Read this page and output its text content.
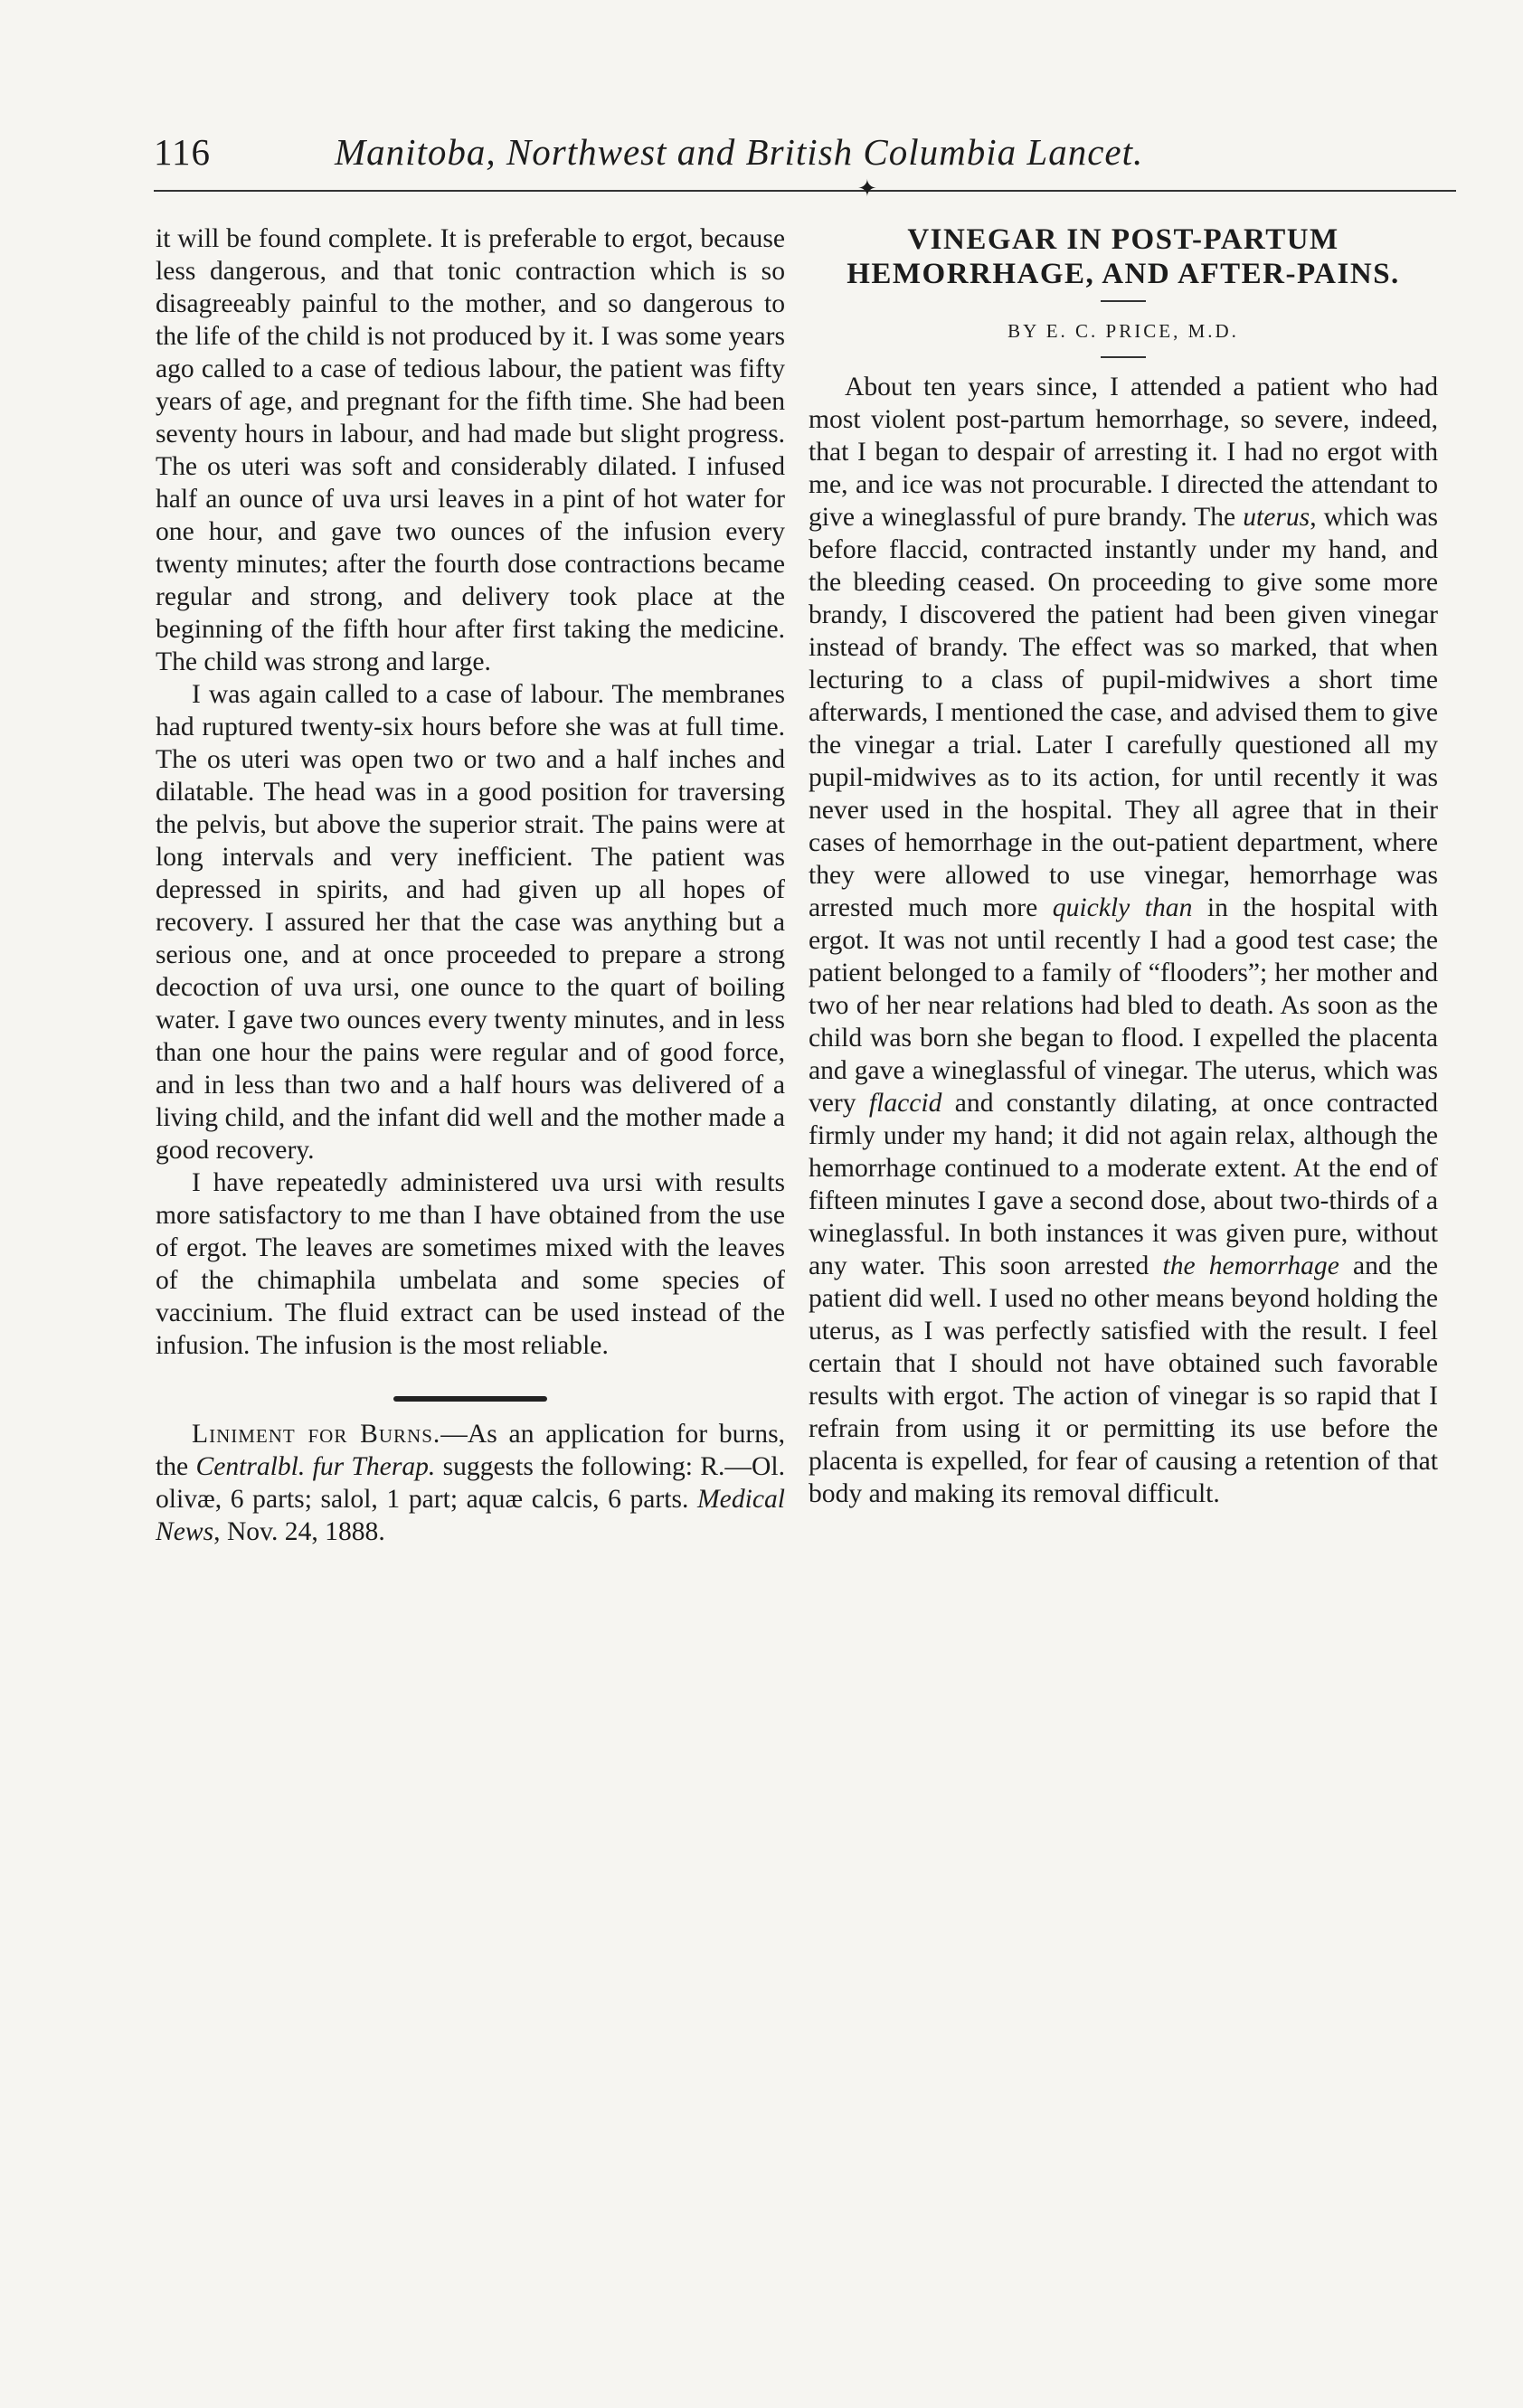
116	Manitoba, Northwest and British Columbia Lancet.
✦

it will be found complete. It is preferable to ergot, because less dangerous, and that tonic contraction which is so disagreeably painful to the mother, and so dangerous to the life of the child is not produced by it. I was some years ago called to a case of tedious labour, the patient was fifty years of age, and pregnant for the fifth time. She had been seventy hours in labour, and had made but slight progress. The os uteri was soft and considerably dilated. I infused half an ounce of uva ursi leaves in a pint of hot water for one hour, and gave two ounces of the infusion every twenty minutes; after the fourth dose contractions became regular and strong, and delivery took place at the beginning of the fifth hour after first taking the medicine. The child was strong and large.

I was again called to a case of labour. The membranes had ruptured twenty-six hours before she was at full time. The os uteri was open two or two and a half inches and dilatable. The head was in a good position for traversing the pelvis, but above the superior strait. The pains were at long intervals and very inefficient. The patient was depressed in spirits, and had given up all hopes of recovery. I assured her that the case was anything but a serious one, and at once proceeded to prepare a strong decoction of uva ursi, one ounce to the quart of boiling water. I gave two ounces every twenty minutes, and in less than one hour the pains were regular and of good force, and in less than two and a half hours was delivered of a living child, and the infant did well and the mother made a good recovery.

I have repeatedly administered uva ursi with results more satisfactory to me than I have obtained from the use of ergot. The leaves are sometimes mixed with the leaves of the chimaphila umbelata and some species of vaccinium. The fluid extract can be used instead of the infusion. The infusion is the most reliable.

Liniment for Burns.—As an application for burns, the Centralbl. fur Therap. suggests the following: R.—Ol. olivæ, 6 parts; salol, 1 part; aquæ calcis, 6 parts. Medical News, Nov. 24, 1888.

VINEGAR IN POST-PARTUM HEMORRHAGE, AND AFTER-PAINS.

BY E. C. PRICE, M.D.

About ten years since, I attended a patient who had most violent post-partum hemorrhage, so severe, indeed, that I began to despair of arresting it. I had no ergot with me, and ice was not procurable. I directed the attendant to give a wineglassful of pure brandy. The uterus, which was before flaccid, contracted instantly under my hand, and the bleeding ceased. On proceeding to give some more brandy, I discovered the patient had been given vinegar instead of brandy. The effect was so marked, that when lecturing to a class of pupil-midwives a short time afterwards, I mentioned the case, and advised them to give the vinegar a trial. Later I carefully questioned all my pupil-midwives as to its action, for until recently it was never used in the hospital. They all agree that in their cases of hemorrhage in the out-patient department, where they were allowed to use vinegar, hemorrhage was arrested much more quickly than in the hospital with ergot. It was not until recently I had a good test case; the patient belonged to a family of “flooders”; her mother and two of her near relations had bled to death. As soon as the child was born she began to flood. I expelled the placenta and gave a wineglassful of vinegar. The uterus, which was very flaccid and constantly dilating, at once contracted firmly under my hand; it did not again relax, although the hemorrhage continued to a moderate extent. At the end of fifteen minutes I gave a second dose, about two-thirds of a wineglassful. In both instances it was given pure, without any water. This soon arrested the hemorrhage and the patient did well. I used no other means beyond holding the uterus, as I was perfectly satisfied with the result. I feel certain that I should not have obtained such favorable results with ergot. The action of vinegar is so rapid that I refrain from using it or permitting its use before the placenta is expelled, for fear of causing a retention of that body and making its removal difficult.
